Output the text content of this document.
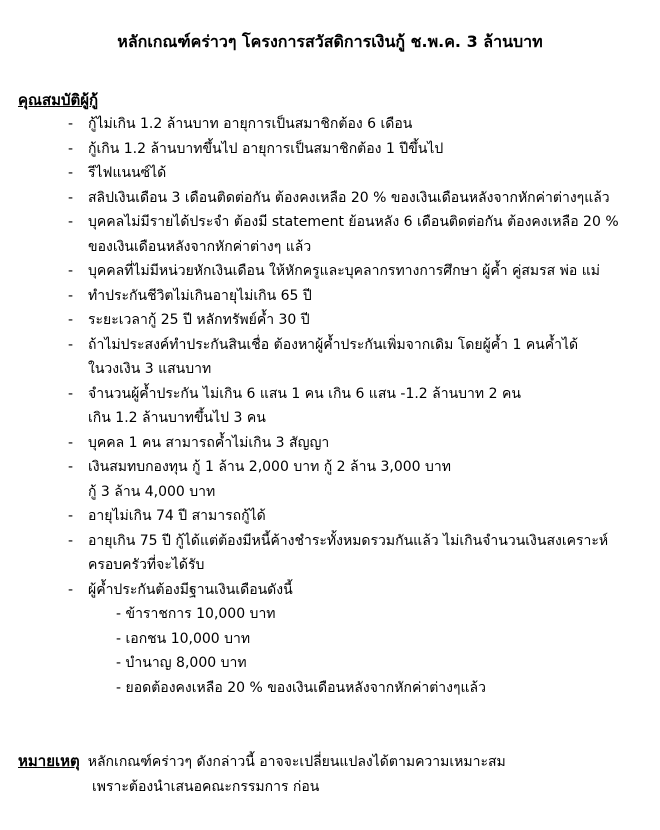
หลักเกณฑ์คร่าวๆ โครงการสวัสดิการเงินกู้ ช.พ.ค. 3 ล้านบาท
คุณสมบัติผู้กู้
- กู้ไม่เกิน 1.2 ล้านบาท อายุการเป็นสมาชิกต้อง 6 เดือน
- กู้เกิน 1.2 ล้านบาทขึ้นไป อายุการเป็นสมาชิกต้อง 1 ปีขึ้นไป
- รีไฟแนนซ์ได้
- สลิปเงินเดือน 3 เดือนติดต่อกัน ต้องคงเหลือ 20 % ของเงินเดือนหลังจากหักค่าต่างๆแล้ว
- บุคคลไม่มีรายได้ประจำ ต้องมี statement ย้อนหลัง 6 เดือนติดต่อกัน ต้องคงเหลือ 20 %
ของเงินเดือนหลังจากหักค่าต่างๆ แล้ว
- บุคคลที่ไม่มีหน่วยหักเงินเดือน ให้หักครูและบุคลากรทางการศึกษา ผู้ค้ำ คู่สมรส พ่อ แม่
- ทำประกันชีวิตไม่เกินอายุไม่เกิน 65 ปี
- ระยะเวลากู้ 25 ปี หลักทรัพย์ค้ำ 30 ปี
- ถ้าไม่ประสงค์ทำประกันสินเชื่อ ต้องหาผู้ค้ำประกันเพิ่มจากเดิม โดยผู้ค้ำ 1 คนค้ำได้
ในวงเงิน 3 แสนบาท
- จำนวนผู้ค้ำประกัน ไม่เกิน 6 แสน 1 คน เกิน 6 แสน -1.2 ล้านบาท 2 คน
เกิน 1.2 ล้านบาทขึ้นไป 3 คน
- บุคคล 1 คน สามารถค้ำไม่เกิน 3 สัญญา
- เงินสมทบกองทุน กู้ 1 ล้าน 2,000 บาท กู้ 2 ล้าน 3,000 บาท
กู้ 3 ล้าน 4,000 บาท
- อายุไม่เกิน 74 ปี สามารถกู้ได้
- อายุเกิน 75 ปี กู้ได้แต่ต้องมีหนี้ค้างชำระทั้งหมดรวมกันแล้ว ไม่เกินจำนวนเงินสงเคราะห์
ครอบครัวที่จะได้รับ
- ผู้ค้ำประกันต้องมีฐานเงินเดือนดังนี้
- ข้าราชการ 10,000 บาท
- เอกชน 10,000 บาท
- บำนาญ 8,000 บาท
- ยอดต้องคงเหลือ 20 % ของเงินเดือนหลังจากหักค่าต่างๆแล้ว
หมายเหตุ หลักเกณฑ์คร่าวๆ ดังกล่าวนี้ อาจจะเปลี่ยนแปลงได้ตามความเหมาะสม
เพราะต้องนำเสนอคณะกรรมการ ก่อน
